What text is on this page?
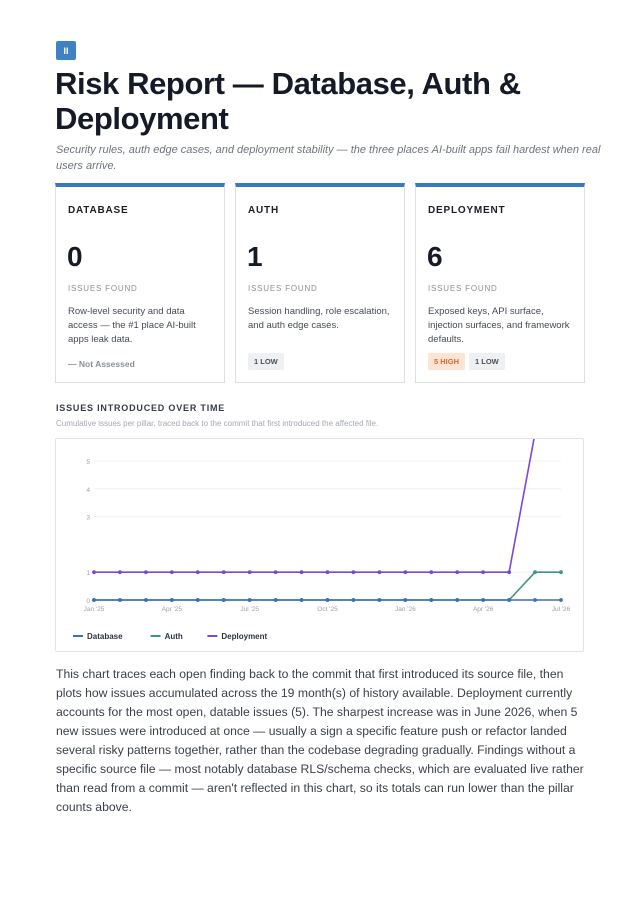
II
Risk Report — Database, Auth & Deployment
Security rules, auth edge cases, and deployment stability — the three places AI-built apps fail hardest when real users arrive.
DATABASE
0
ISSUES FOUND
Row-level security and data access — the #1 place AI-built apps leak data.
— Not Assessed
AUTH
1
ISSUES FOUND
Session handling, role escalation, and auth edge cases.
1 LOW
DEPLOYMENT
6
ISSUES FOUND
Exposed keys, API surface, injection surfaces, and framework defaults.
5 HIGH	1 LOW
ISSUES INTRODUCED OVER TIME
Cumulative issues per pillar, traced back to the commit that first introduced the affected file.
0
1
3
4
5
Jan '25	Apr '25	Jul '25	Oct '25	Jan '26	Apr '26	Jul '26
Database	Auth	Deployment

This chart traces each open finding back to the commit that first introduced its source file, then plots how issues accumulated across the 19 month(s) of history available. Deployment currently accounts for the most open, datable issues (5). The sharpest increase was in June 2026, when 5 new issues were introduced at once — usually a sign a specific feature push or refactor landed several risky patterns together, rather than the codebase degrading gradually. Findings without a specific source file — most notably database RLS/schema checks, which are evaluated live rather than read from a commit — aren't reflected in this chart, so its totals can run lower than the pillar counts above.
